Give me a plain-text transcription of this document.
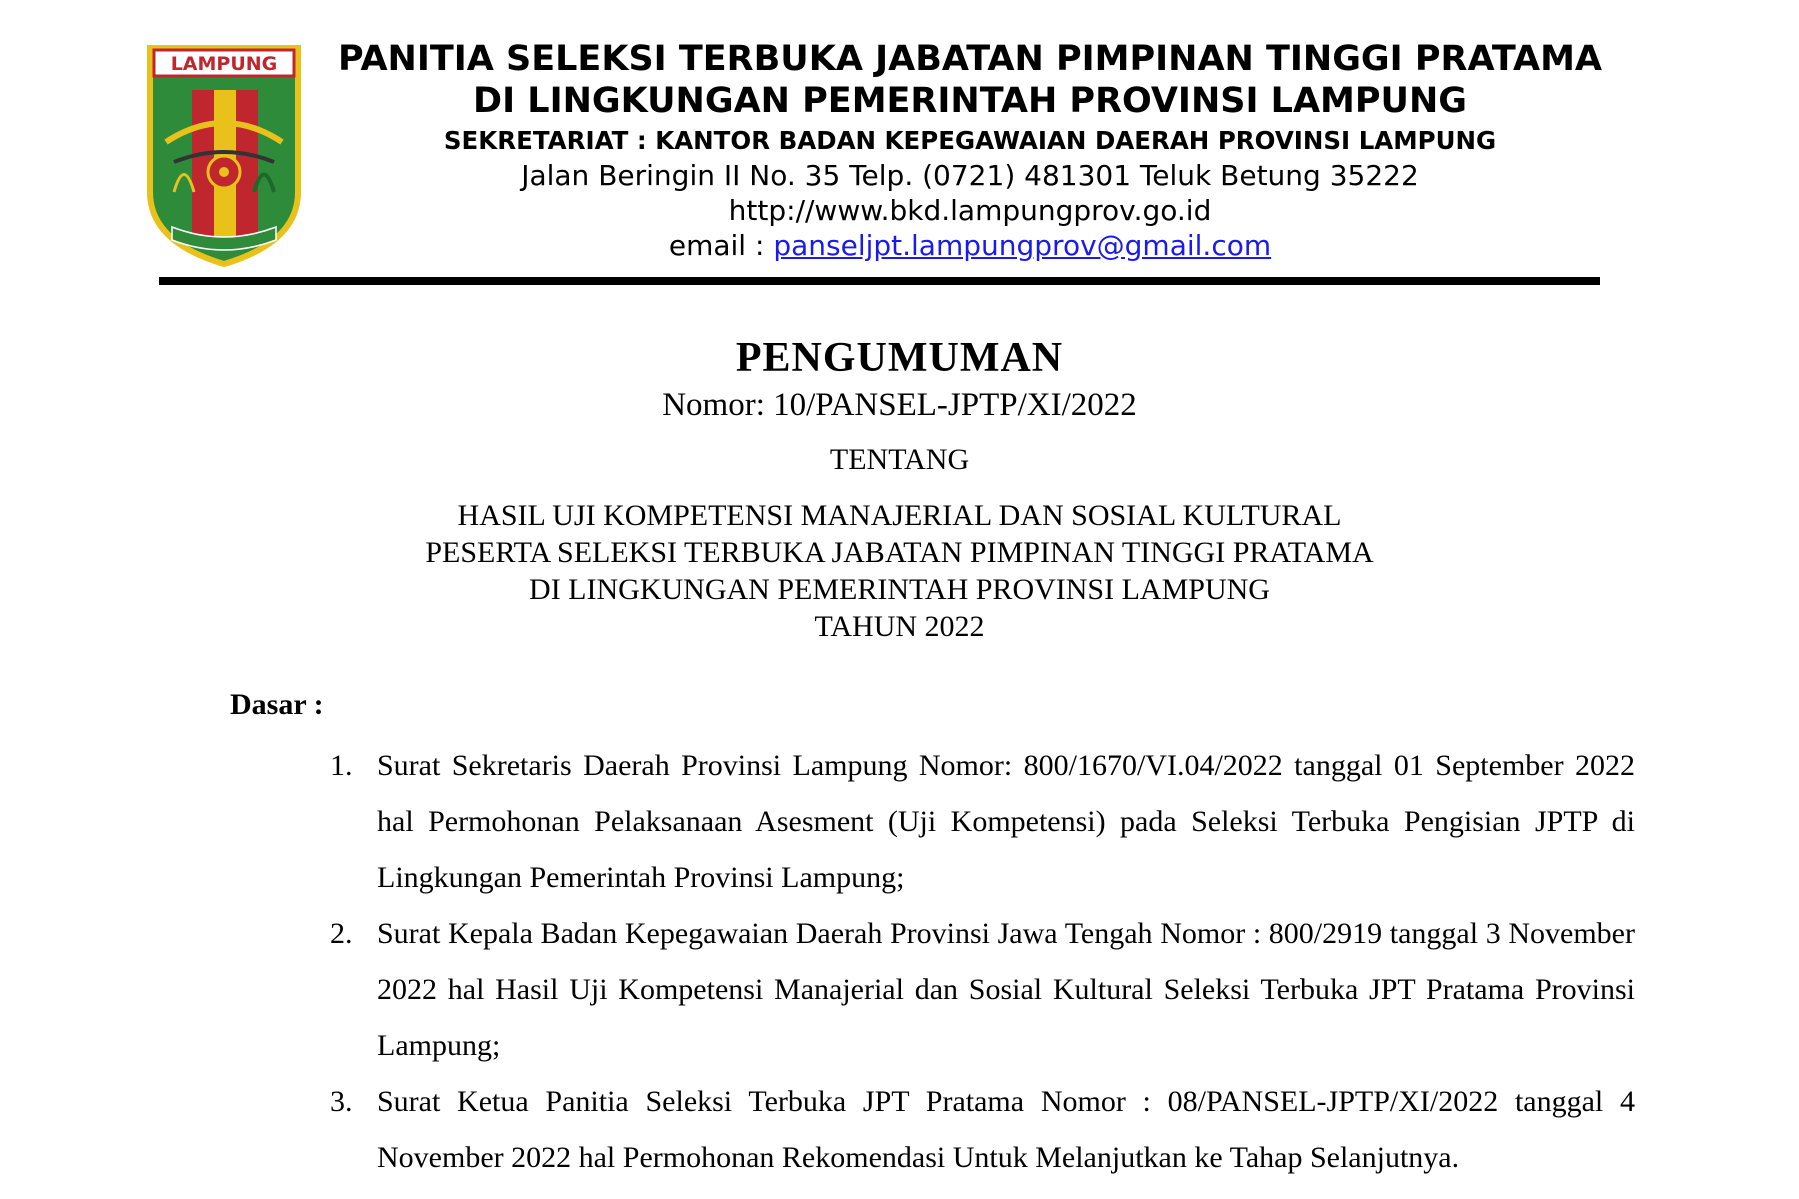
LAMPUNG	PANITIA SELEKSI TERBUKA JABATAN PIMPINAN TINGGI PRATAMA
DI LINGKUNGAN PEMERINTAH PROVINSI LAMPUNG
SEKRETARIAT : KANTOR BADAN KEPEGAWAIAN DAERAH PROVINSI LAMPUNG
Jalan Beringin II No. 35 Telp. (0721) 481301 Teluk Betung 35222
http://www.bkd.lampungprov.go.id
email : panseljpt.lampungprov@gmail.com
PENGUMUMAN
Nomor: 10/PANSEL-JPTP/XI/2022
TENTANG
HASIL UJI KOMPETENSI MANAJERIAL DAN SOSIAL KULTURAL
PESERTA SELEKSI TERBUKA JABATAN PIMPINAN TINGGI PRATAMA
DI LINGKUNGAN PEMERINTAH PROVINSI LAMPUNG
TAHUN 2022
Dasar :
1. Surat Sekretaris Daerah Provinsi Lampung Nomor: 800/1670/VI.04/2022 tanggal 01 September 2022 hal Permohonan Pelaksanaan Asesment (Uji Kompetensi) pada Seleksi Terbuka Pengisian JPTP di Lingkungan Pemerintah Provinsi Lampung;
2. Surat Kepala Badan Kepegawaian Daerah Provinsi Jawa Tengah Nomor : 800/2919 tanggal 3 November 2022 hal Hasil Uji Kompetensi Manajerial dan Sosial Kultural Seleksi Terbuka JPT Pratama Provinsi Lampung;
3. Surat Ketua Panitia Seleksi Terbuka JPT Pratama Nomor : 08/PANSEL-JPTP/XI/2022 tanggal 4 November 2022 hal Permohonan Rekomendasi Untuk Melanjutkan ke Tahap Selanjutnya.
